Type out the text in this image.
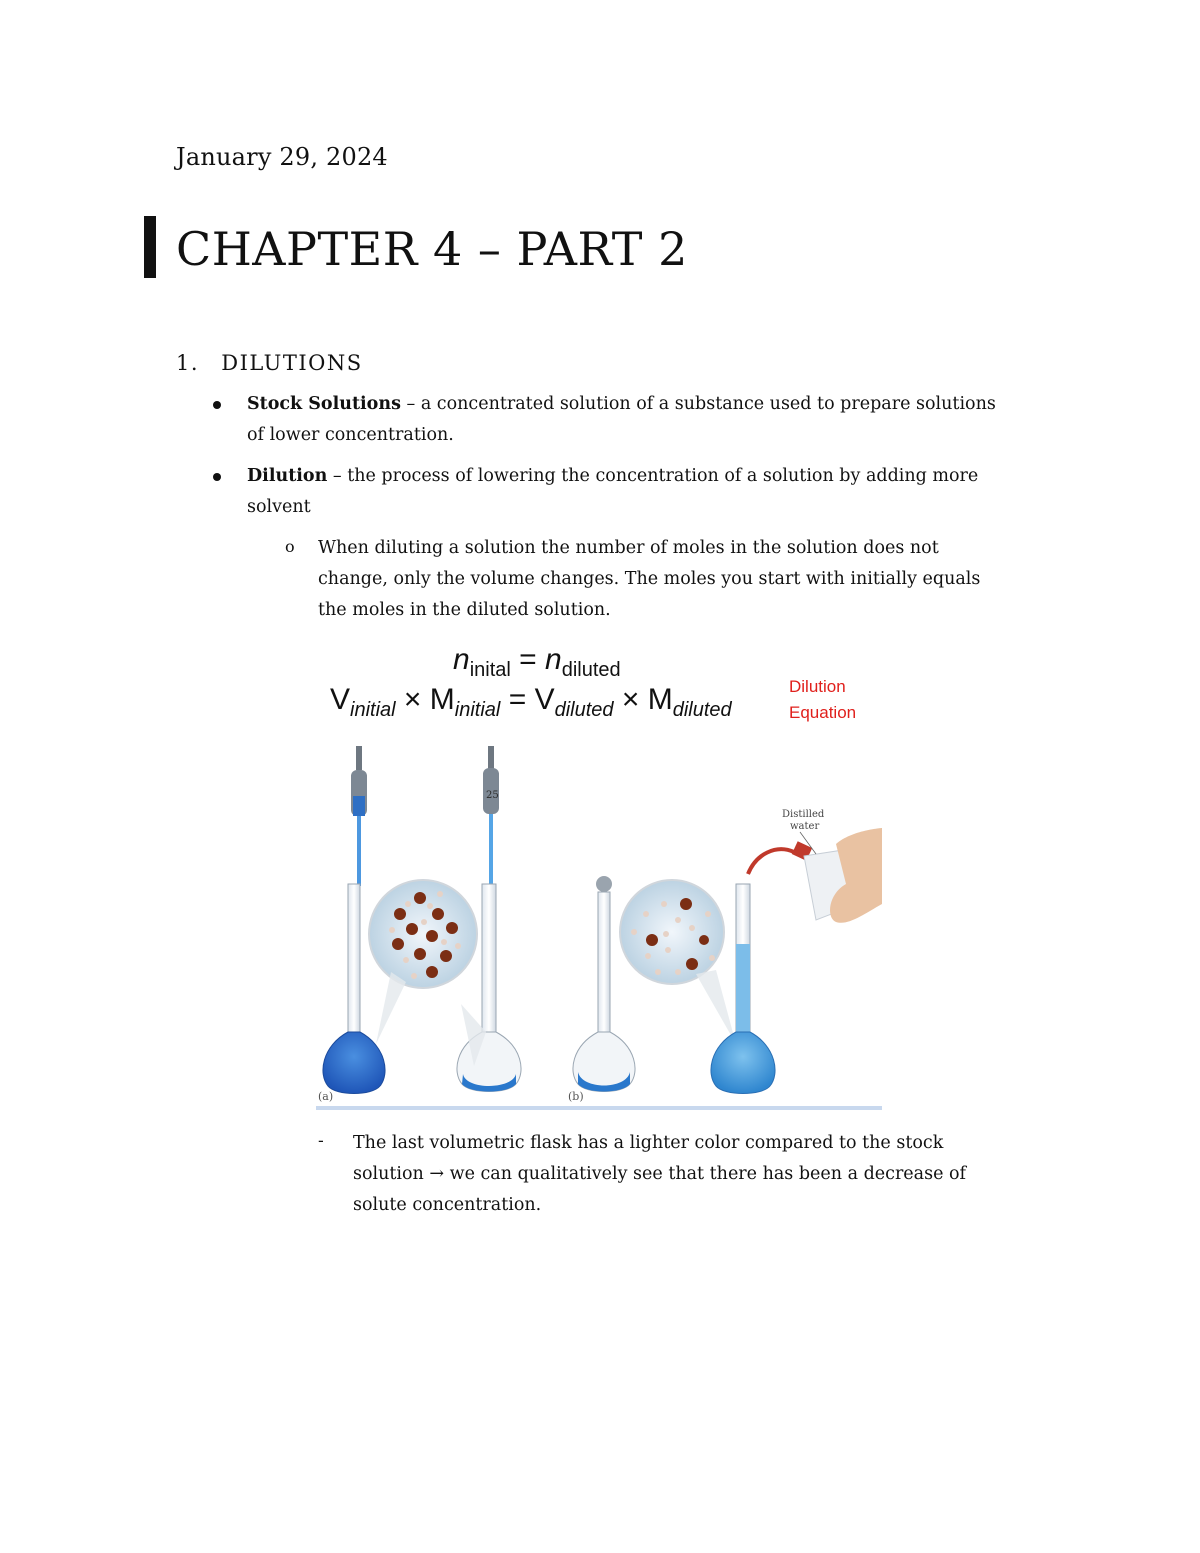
January 29, 2024
CHAPTER 4 – PART 2
1. DILUTIONS
Stock Solutions – a concentrated solution of a substance used to prepare solutions
of lower concentration.
Dilution – the process of lowering the concentration of a solution by adding more
solvent
o When diluting a solution the number of moles in the solution does not
change, only the volume changes. The moles you start with initially equals
the moles in the diluted solution.
$n_{inital} = n_{diluted}$
$V_{initial} \times M_{initial} = V_{diluted} \times M_{diluted}$
Dilution
Equation
25
(a)
Distilled
water
(b)
- The last volumetric flask has a lighter color compared to the stock
solution → we can qualitatively see that there has been a decrease of
solute concentration.
